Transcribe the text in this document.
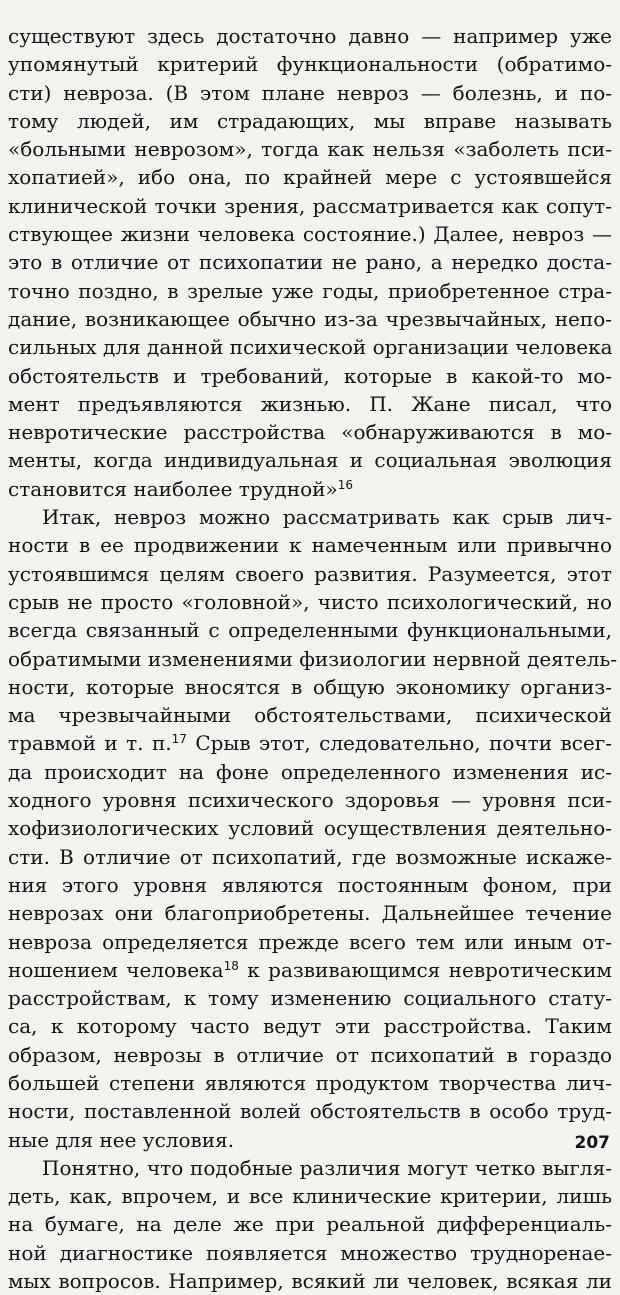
существуют здесь достаточно давно — например уже
упомянутый критерий функциональности (обратимо-
сти) невроза. (В этом плане невроз — болезнь, и по-
тому людей, им страдающих, мы вправе называть
«больными неврозом», тогда как нельзя «заболеть пси-
хопатией», ибо она, по крайней мере с устоявшейся
клинической точки зрения, рассматривается как сопут-
ствующее жизни человека состояние.) Далее, невроз —
это в отличие от психопатии не рано, а нередко доста-
точно поздно, в зрелые уже годы, приобретенное стра-
дание, возникающее обычно из-за чрезвычайных, непо-
сильных для данной психической организации человека
обстоятельств и требований, которые в какой-то мо-
мент предъявляются жизнью. П. Жане писал, что
невротические расстройства «обнаруживаются в мо-
менты, когда индивидуальная и социальная эволюция
становится наиболее трудной»$^{16}$
Итак, невроз можно рассматривать как срыв лич-
ности в ее продвижении к намеченным или привычно
устоявшимся целям своего развития. Разумеется, этот
срыв не просто «головной», чисто психологический, но
всегда связанный с определенными функциональными,
обратимыми изменениями физиологии нервной деятель-
ности, которые вносятся в общую экономику организ-
ма чрезвычайными обстоятельствами, психической
травмой и т. п.$^{17}$ Срыв этот, следовательно, почти всег-
да происходит на фоне определенного изменения ис-
ходного уровня психического здоровья — уровня пси-
хофизиологических условий осуществления деятельно-
сти. В отличие от психопатий, где возможные искаже-
ния этого уровня являются постоянным фоном, при
неврозах они благоприобретены. Дальнейшее течение
невроза определяется прежде всего тем или иным от-
ношением человека$^{18}$ к развивающимся невротическим
расстройствам, к тому изменению социального стату-
са, к которому часто ведут эти расстройства. Таким
образом, неврозы в отличие от психопатий в гораздо
большей степени являются продуктом творчества лич-
ности, поставленной волей обстоятельств в особо труд-
ные для нее условия.
Понятно, что подобные различия могут четко выгля-
деть, как, впрочем, и все клинические критерии, лишь
на бумаге, на деле же при реальной дифференциаль-
ной диагностике появляется множество трудноренае-
мых вопросов. Например, всякий ли человек, всякая ли
207
